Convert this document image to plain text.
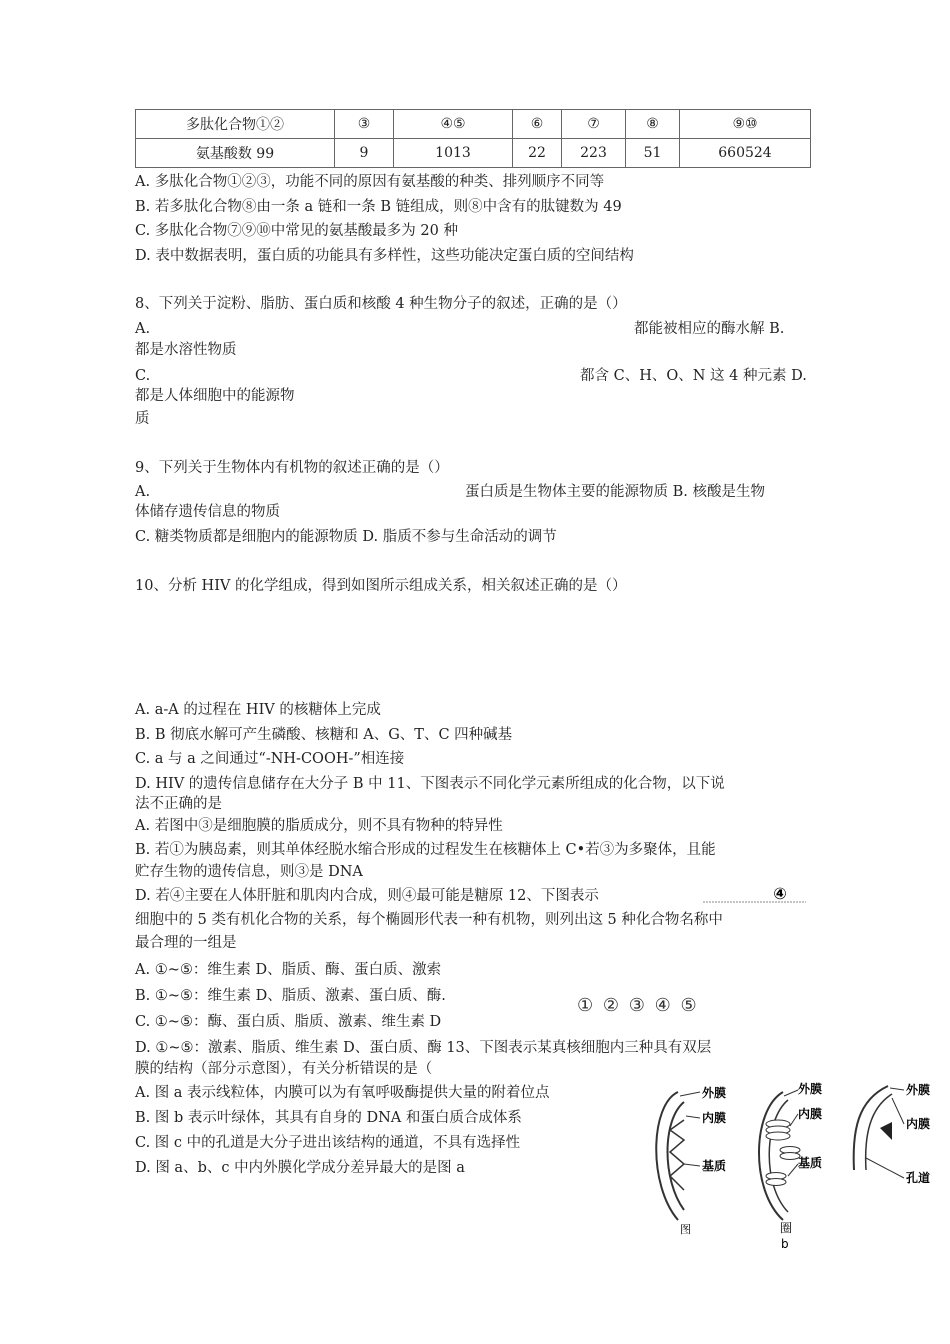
多肽化合物①②	③	④⑤	⑥	⑦	⑧	⑨⑩
氨基酸数 99	9	1013	22	223	51	660524
A. 多肽化合物①②③，功能不同的原因有氨基酸的种类、排列顺序不同等
B. 若多肽化合物⑧由一条 a 链和一条 B 链组成，则⑧中含有的肽键数为 49
C. 多肽化合物⑦⑨⑩中常见的氨基酸最多为 20 种
D. 表中数据表明，蛋白质的功能具有多样性，这些功能决定蛋白质的空间结构
8、下列关于淀粉、脂肪、蛋白质和核酸 4 种生物分子的叙述，正确的是（）
A.	都能被相应的酶水解 B.
都是水溶性物质
C.	都含 C、H、O、N 这 4 种元素 D.
都是人体细胞中的能源物
质
9、下列关于生物体内有机物的叙述正确的是（）
A.	蛋白质是生物体主要的能源物质 B. 核酸是生物
体储存遗传信息的物质
C. 糖类物质都是细胞内的能源物质 D. 脂质不参与生命活动的调节
10、分析 HIV 的化学组成，得到如图所示组成关系，相关叙述正确的是（）
A. a-A 的过程在 HIV 的核糖体上完成
B. B 彻底水解可产生磷酸、核糖和 A、G、T、C 四种碱基
C. a 与 a 之间通过“-NH-COOH-”相连接
D. HIV 的遗传信息储存在大分子 B 中 11、下图表示不同化学元素所组成的化合物，以下说
法不正确的是
A. 若图中③是细胞膜的脂质成分，则不具有物种的特异性
B. 若①为胰岛素，则其单体经脱水缩合形成的过程发生在核糖体上 C•若③为多聚体，且能
贮存生物的遗传信息，则③是 DNA
D. 若④主要在人体肝脏和肌肉内合成，则④最可能是糖原 12、下图表示	④
细胞中的 5 类有机化合物的关系，每个椭圆形代表一种有机物，则列出这 5 种化合物名称中
最合理的一组是
A. ①~⑤：维生素 D、脂质、酶、蛋白质、激索
B. ①~⑤：维生素 D、脂质、激素、蛋白质、酶.
C. ①~⑤：酶、蛋白质、脂质、激素、维生素 D
D. ①~⑤：激素、脂质、维生素 D、蛋白质、酶 13、下图表示某真核细胞内三种具有双层
① ② ③ ④ ⑤
膜的结构（部分示意图），有关分析错误的是（
A. 图 a 表示线粒体，内膜可以为有氧呼吸酶提供大量的附着位点
B. 图 b 表示叶绿体，其具有自身的 DNA 和蛋白质合成体系
C. 图 c 中的孔道是大分子进出该结构的通道，不具有选择性
D. 图 a、b、c 中内外膜化学成分差异最大的是图 a
外膜
内膜
基质
图
外膜
内膜
基质
圈
b
外膜
内膜
孔道
